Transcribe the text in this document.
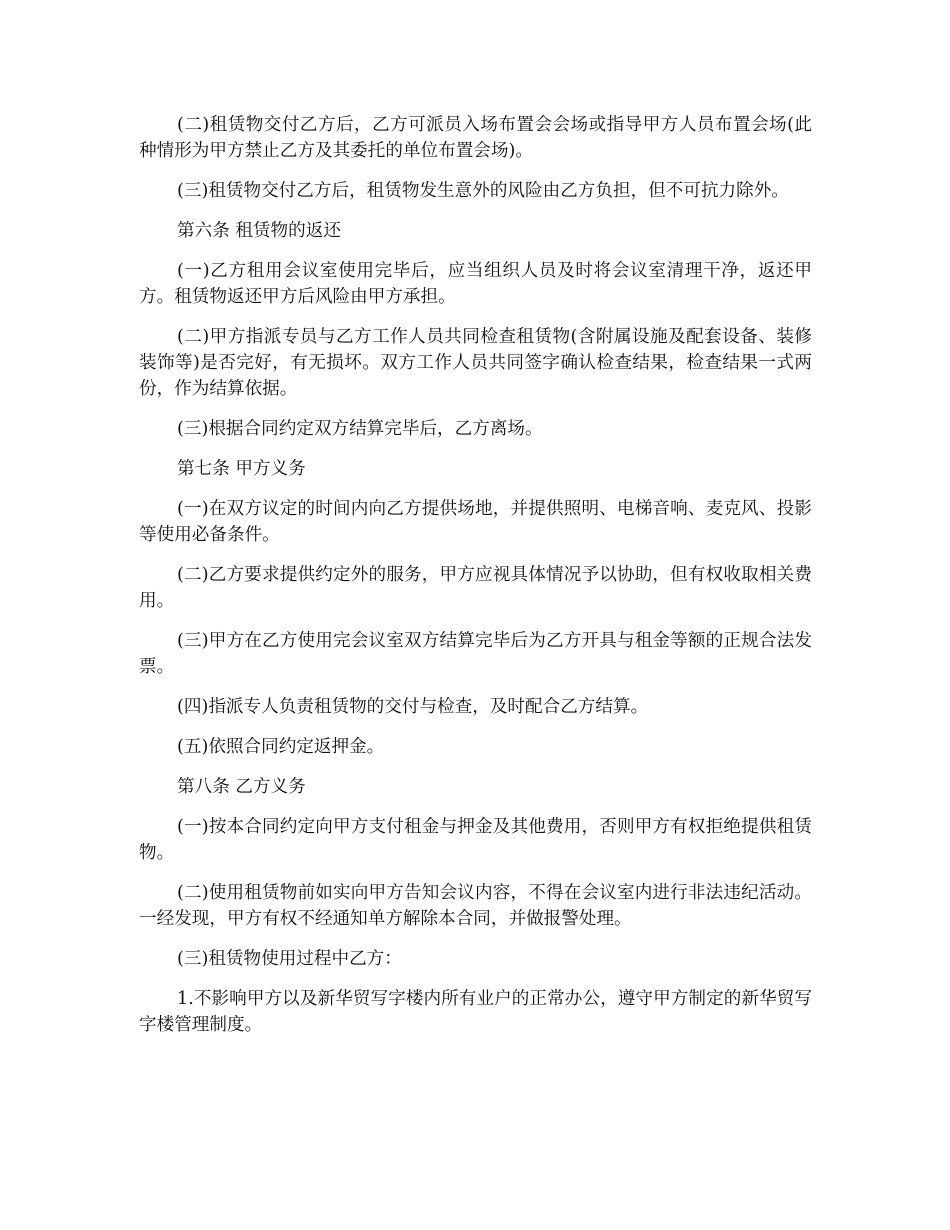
(二)租赁物交付乙方后，乙方可派员入场布置会会场或指导甲方人员布置会场(此种情形为甲方禁止乙方及其委托的单位布置会场)。

(三)租赁物交付乙方后，租赁物发生意外的风险由乙方负担，但不可抗力除外。

第六条 租赁物的返还

(一)乙方租用会议室使用完毕后，应当组织人员及时将会议室清理干净，返还甲方。租赁物返还甲方后风险由甲方承担。

(二)甲方指派专员与乙方工作人员共同检查租赁物(含附属设施及配套设备、装修装饰等)是否完好，有无损坏。双方工作人员共同签字确认检查结果，检查结果一式两份，作为结算依据。

(三)根据合同约定双方结算完毕后，乙方离场。

第七条 甲方义务

(一)在双方议定的时间内向乙方提供场地，并提供照明、电梯音响、麦克风、投影等使用必备条件。

(二)乙方要求提供约定外的服务，甲方应视具体情况予以协助，但有权收取相关费用。

(三)甲方在乙方使用完会议室双方结算完毕后为乙方开具与租金等额的正规合法发票。

(四)指派专人负责租赁物的交付与检查，及时配合乙方结算。

(五)依照合同约定返押金。

第八条 乙方义务

(一)按本合同约定向甲方支付租金与押金及其他费用，否则甲方有权拒绝提供租赁物。

(二)使用租赁物前如实向甲方告知会议内容，不得在会议室内进行非法违纪活动。一经发现，甲方有权不经通知单方解除本合同，并做报警处理。

(三)租赁物使用过程中乙方：

1.不影响甲方以及新华贸写字楼内所有业户的正常办公，遵守甲方制定的新华贸写字楼管理制度。
